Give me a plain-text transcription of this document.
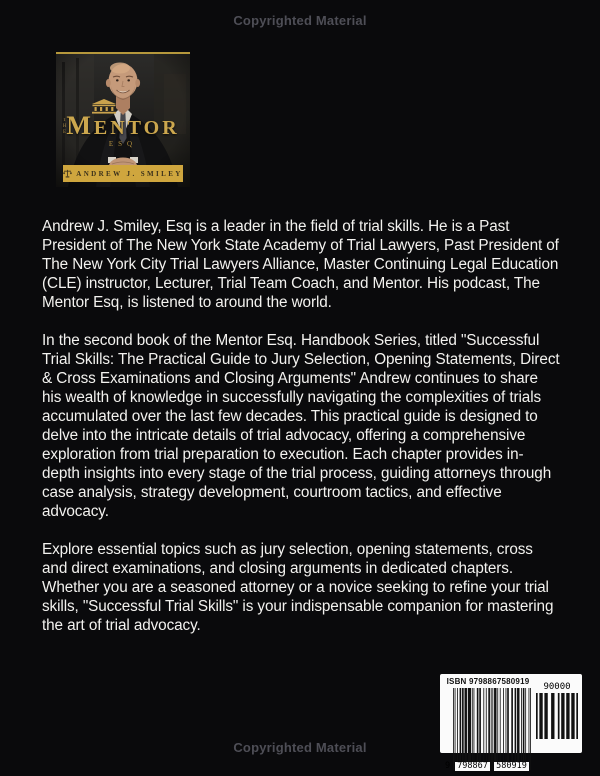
Copyrighted Material
THE MENTOR
ESQ
ANDREW J. SMILEY

Andrew J. Smiley, Esq is a leader in the field of trial skills. He is a Past President of The New York State Academy of Trial Lawyers, Past President of The New York City Trial Lawyers Alliance, Master Continuing Legal Education (CLE) instructor, Lecturer, Trial Team Coach, and Mentor. His podcast, The Mentor Esq, is listened to around the world.

In the second book of the Mentor Esq. Handbook Series, titled "Successful Trial Skills: The Practical Guide to Jury Selection, Opening Statements, Direct & Cross Examinations and Closing Arguments" Andrew continues to share his wealth of knowledge in successfully navigating the complexities of trials accumulated over the last few decades. This practical guide is designed to delve into the intricate details of trial advocacy, offering a comprehensive exploration from trial preparation to execution. Each chapter provides in-depth insights into every stage of the trial process, guiding attorneys through case analysis, strategy development, courtroom tactics, and effective advocacy.

Explore essential topics such as jury selection, opening statements, cross and direct examinations, and closing arguments in dedicated chapters. Whether you are a seasoned attorney or a novice seeking to refine your trial skills, "Successful Trial Skills" is your indispensable companion for mastering the art of trial advocacy.

ISBN 9798867580919
9 798867 580919
90000
Copyrighted Material
